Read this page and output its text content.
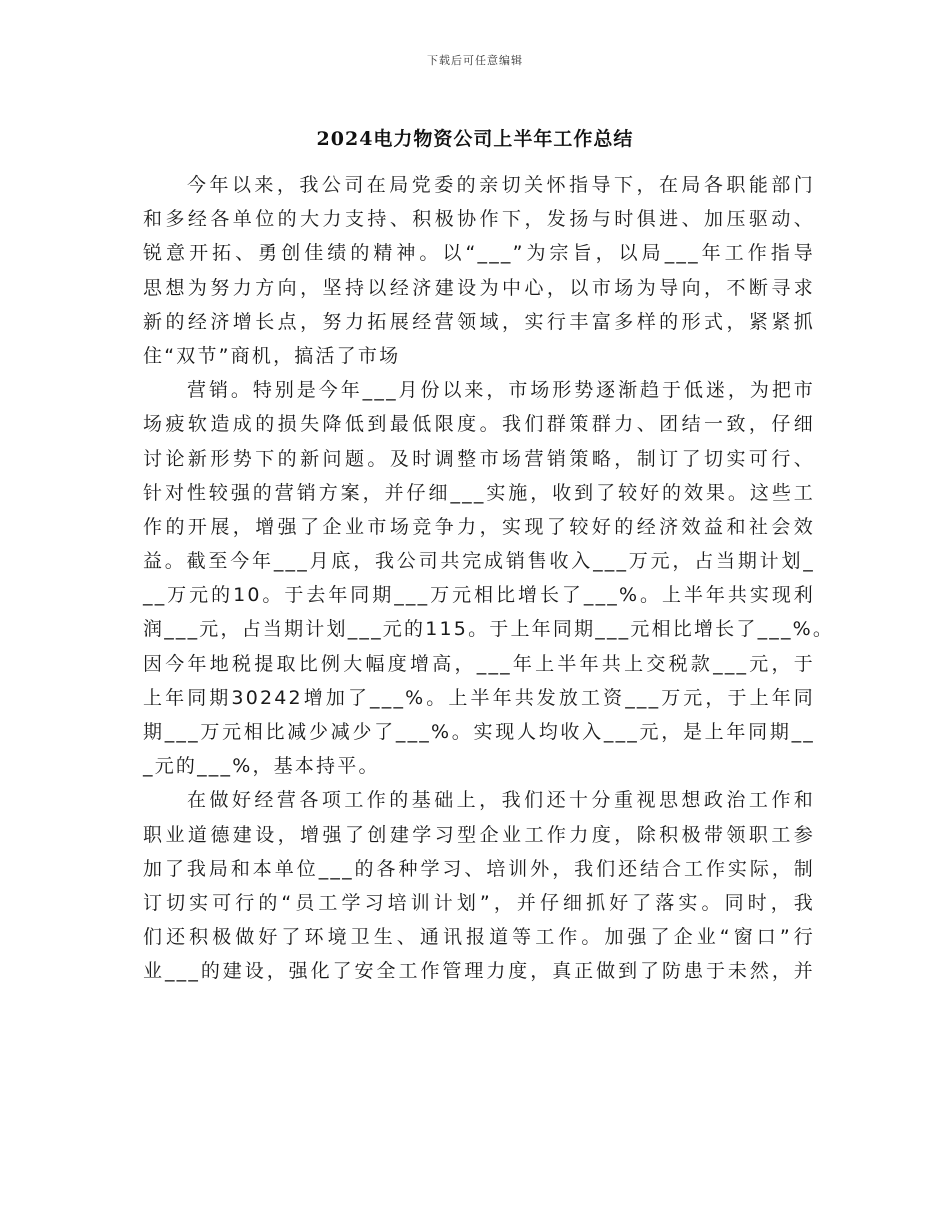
下载后可任意编辑
2024电力物资公司上半年工作总结
今年以来，我公司在局党委的亲切关怀指导下，在局各职能部门
和多经各单位的大力支持、积极协作下，发扬与时俱进、加压驱动、
锐意开拓、勇创佳绩的精神。以“___”为宗旨，以局___年工作指导
思想为努力方向，坚持以经济建设为中心，以市场为导向，不断寻求
新的经济增长点，努力拓展经营领域，实行丰富多样的形式，紧紧抓
住“双节”商机，搞活了市场
营销。特别是今年___月份以来，市场形势逐渐趋于低迷，为把市
场疲软造成的损失降低到最低限度。我们群策群力、团结一致，仔细
讨论新形势下的新问题。及时调整市场营销策略，制订了切实可行、
针对性较强的营销方案，并仔细___实施，收到了较好的效果。这些工
作的开展，增强了企业市场竞争力，实现了较好的经济效益和社会效
益。截至今年___月底，我公司共完成销售收入___万元，占当期计划_
__万元的10。于去年同期___万元相比增长了___%。上半年共实现利
润___元，占当期计划___元的115。于上年同期___元相比增长了___%。
因今年地税提取比例大幅度增高，___年上半年共上交税款___元，于
上年同期30242增加了___%。上半年共发放工资___万元，于上年同
期___万元相比减少减少了___%。实现人均收入___元，是上年同期__
_元的___%，基本持平。
在做好经营各项工作的基础上，我们还十分重视思想政治工作和
职业道德建设，增强了创建学习型企业工作力度，除积极带领职工参
加了我局和本单位___的各种学习、培训外，我们还结合工作实际，制
订切实可行的“员工学习培训计划”，并仔细抓好了落实。同时，我
们还积极做好了环境卫生、通讯报道等工作。加强了企业“窗口”行
业___的建设，强化了安全工作管理力度，真正做到了防患于未然，并
